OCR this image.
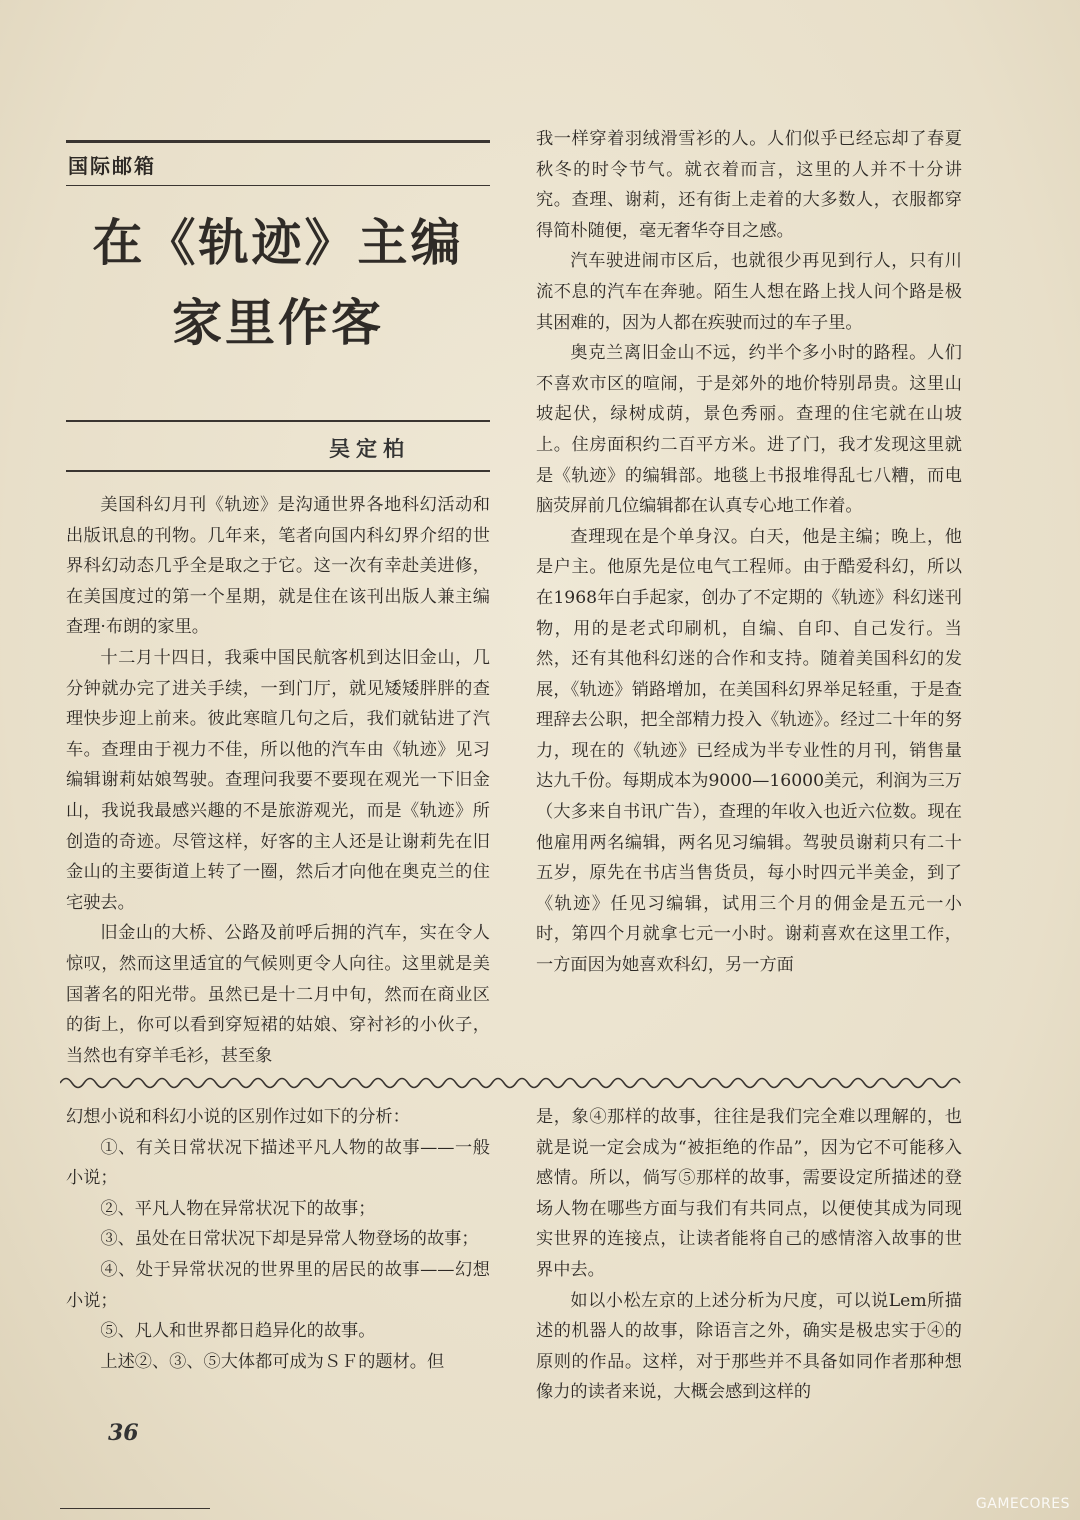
国际邮箱
在《轨迹》主编
家里作客
吴定柏

美国科幻月刊《轨迹》是沟通世界各地科幻活动和出版讯息的刊物。几年来，笔者向国内科幻界介绍的世界科幻动态几乎全是取之于它。这一次有幸赴美进修，在美国度过的第一个星期，就是住在该刊出版人兼主编查理·布朗的家里。

十二月十四日，我乘中国民航客机到达旧金山，几分钟就办完了进关手续，一到门厅，就见矮矮胖胖的查理快步迎上前来。彼此寒暄几句之后，我们就钻进了汽车。查理由于视力不佳，所以他的汽车由《轨迹》见习编辑谢莉姑娘驾驶。查理问我要不要现在观光一下旧金山，我说我最感兴趣的不是旅游观光，而是《轨迹》所创造的奇迹。尽管这样，好客的主人还是让谢莉先在旧金山的主要街道上转了一圈，然后才向他在奥克兰的住宅驶去。

旧金山的大桥、公路及前呼后拥的汽车，实在令人惊叹，然而这里适宜的气候则更令人向往。这里就是美国著名的阳光带。虽然已是十二月中旬，然而在商业区的街上，你可以看到穿短裙的姑娘、穿衬衫的小伙子，当然也有穿羊毛衫，甚至象

我一样穿着羽绒滑雪衫的人。人们似乎已经忘却了春夏秋冬的时令节气。就衣着而言，这里的人并不十分讲究。查理、谢莉，还有街上走着的大多数人，衣服都穿得简朴随便，毫无奢华夺目之感。

汽车驶进闹市区后，也就很少再见到行人，只有川流不息的汽车在奔驰。陌生人想在路上找人问个路是极其困难的，因为人都在疾驶而过的车子里。

奥克兰离旧金山不远，约半个多小时的路程。人们不喜欢市区的喧闹，于是郊外的地价特别昂贵。这里山坡起伏，绿树成荫，景色秀丽。查理的住宅就在山坡上。住房面积约二百平方米。进了门，我才发现这里就是《轨迹》的编辑部。地毯上书报堆得乱七八糟，而电脑荧屏前几位编辑都在认真专心地工作着。

查理现在是个单身汉。白天，他是主编；晚上，他是户主。他原先是位电气工程师。由于酷爱科幻，所以在1968年白手起家，创办了不定期的《轨迹》科幻迷刊物，用的是老式印刷机，自编、自印、自己发行。当然，还有其他科幻迷的合作和支持。随着美国科幻的发展，《轨迹》销路增加，在美国科幻界举足轻重，于是查理辞去公职，把全部精力投入《轨迹》。经过二十年的努力，现在的《轨迹》已经成为半专业性的月刊，销售量达九千份。每期成本为9000—16000美元，利润为三万（大多来自书讯广告），查理的年收入也近六位数。现在他雇用两名编辑，两名见习编辑。驾驶员谢莉只有二十五岁，原先在书店当售货员，每小时四元半美金，到了《轨迹》任见习编辑，试用三个月的佣金是五元一小时，第四个月就拿七元一小时。谢莉喜欢在这里工作，一方面因为她喜欢科幻，另一方面

幻想小说和科幻小说的区别作过如下的分析：

①、有关日常状况下描述平凡人物的故事——一般小说；

②、平凡人物在异常状况下的故事；

③、虽处在日常状况下却是异常人物登场的故事；

④、处于异常状况的世界里的居民的故事——幻想小说；

⑤、凡人和世界都日趋异化的故事。

上述②、③、⑤大体都可成为ＳＦ的题材。但

是，象④那样的故事，往往是我们完全难以理解的，也就是说一定会成为“被拒绝的作品”，因为它不可能移入感情。所以，倘写⑤那样的故事，需要设定所描述的登场人物在哪些方面与我们有共同点，以便使其成为同现实世界的连接点，让读者能将自己的感情溶入故事的世界中去。

如以小松左京的上述分析为尺度，可以说Lem所描述的机器人的故事，除语言之外，确实是极忠实于④的原则的作品。这样，对于那些并不具备如同作者那种想像力的读者来说，大概会感到这样的

36
GAMECORES
